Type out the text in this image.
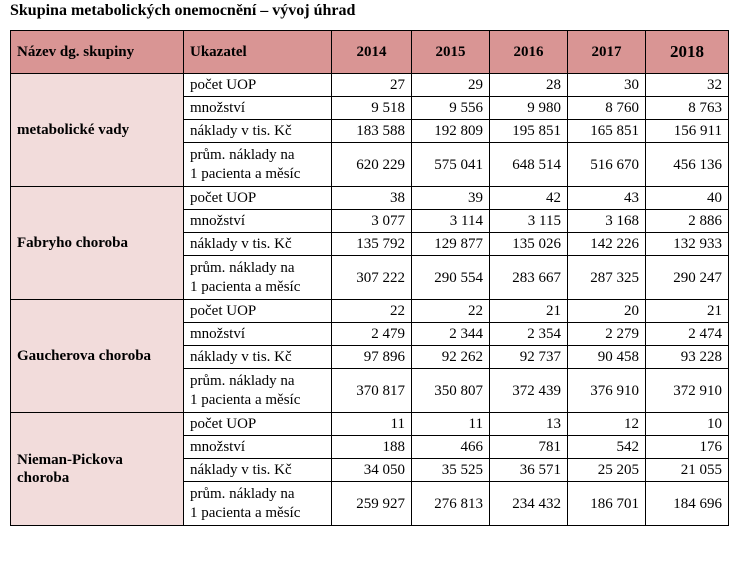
Skupina metabolických onemocnění – vývoj úhrad
Název dg. skupiny	Ukazatel	2014	2015	2016	2017	2018
metabolické vady	počet UOP	27	29	28	30	32
	množství	9 518	9 556	9 980	8 760	8 763
	náklady v tis. Kč	183 588	192 809	195 851	165 851	156 911
	prům. náklady na
1 pacienta a měsíc	620 229	575 041	648 514	516 670	456 136
Fabryho choroba	počet UOP	38	39	42	43	40
	množství	3 077	3 114	3 115	3 168	2 886
	náklady v tis. Kč	135 792	129 877	135 026	142 226	132 933
	prům. náklady na
1 pacienta a měsíc	307 222	290 554	283 667	287 325	290 247
Gaucherova choroba	počet UOP	22	22	21	20	21
	množství	2 479	2 344	2 354	2 279	2 474
	náklady v tis. Kč	97 896	92 262	92 737	90 458	93 228
	prům. náklady na
1 pacienta a měsíc	370 817	350 807	372 439	376 910	372 910
Nieman-Pickova choroba	počet UOP	11	11	13	12	10
	množství	188	466	781	542	176
	náklady v tis. Kč	34 050	35 525	36 571	25 205	21 055
	prům. náklady na
1 pacienta a měsíc	259 927	276 813	234 432	186 701	184 696
